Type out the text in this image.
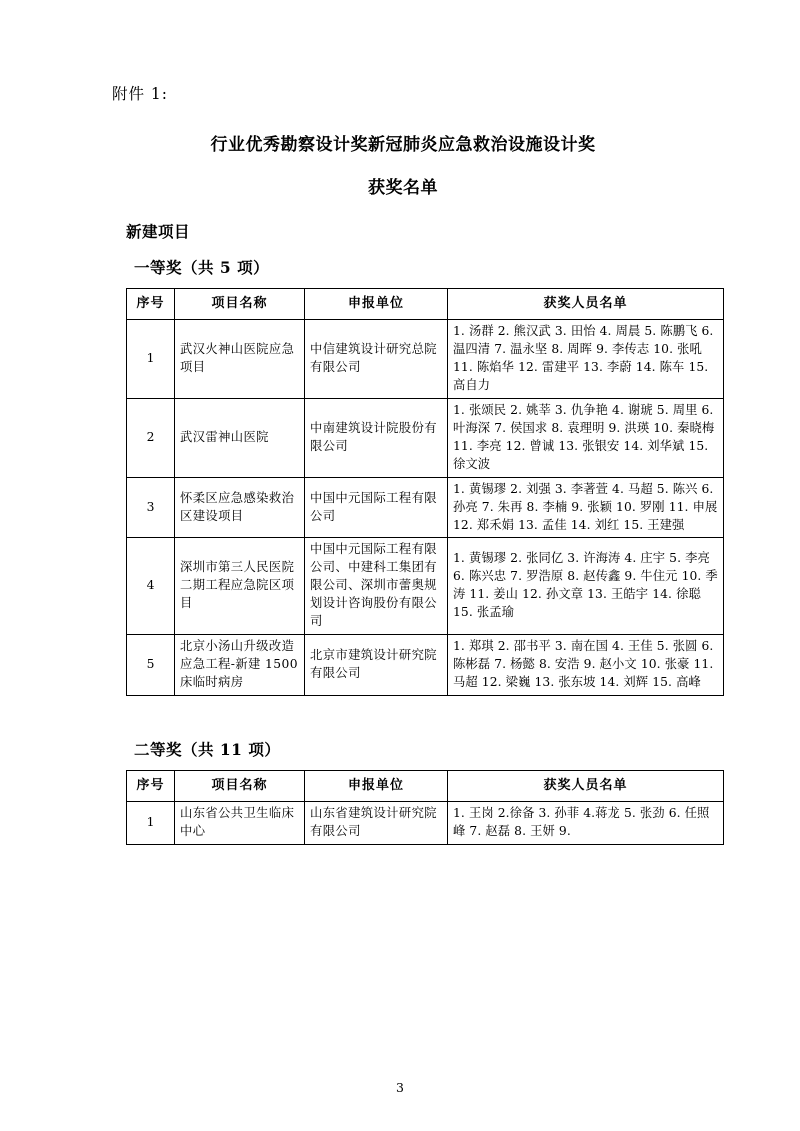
附件 1:
行业优秀勘察设计奖新冠肺炎应急救治设施设计奖
获奖名单
新建项目
一等奖（共 5 项）
序号	项目名称	申报单位	获奖人员名单
1	武汉火神山医院应急项目	中信建筑设计研究总院有限公司	1. 汤群 2. 熊汉武 3. 田怡 4. 周晨 5. 陈鹏飞 6. 温四清 7. 温永坚 8. 周晖 9. 李传志 10. 张吼 11. 陈焰华 12. 雷建平 13. 李蔚 14. 陈车 15. 高自力
2	武汉雷神山医院	中南建筑设计院股份有限公司	1. 张颂民 2. 姚莘 3. 仇争艳 4. 谢琥 5. 周里 6. 叶海深 7. 侯国求 8. 袁理明 9. 洪瑛 10. 秦晓梅 11. 李亮 12. 曾诚 13. 张银安 14. 刘华斌 15. 徐文波
3	怀柔区应急感染救治区建设项目	中国中元国际工程有限公司	1. 黄锡璆 2. 刘强 3. 李著萱 4. 马超 5. 陈兴 6. 孙亮 7. 朱再 8. 李楠 9. 张颖 10. 罗刚 11. 申展 12. 郑禾娟 13. 孟佳 14. 刘红 15. 王建强
4	深圳市第三人民医院二期工程应急院区项目	中国中元国际工程有限公司、中建科工集团有限公司、深圳市蕾奥规划设计咨询股份有限公司	1. 黄锡璆 2. 张同亿 3. 许海涛 4. 庄宇 5. 李亮 6. 陈兴忠 7. 罗浩原 8. 赵传鑫 9. 牛住元 10. 季涛 11. 姜山 12. 孙文章 13. 王皓宇 14. 徐聪 15. 张孟瑜
5	北京小汤山升级改造应急工程-新建 1500 床临时病房	北京市建筑设计研究院有限公司	1. 郑琪 2. 邵书平 3. 南在国 4. 王佳 5. 张圆 6. 陈彬磊 7. 杨懿 8. 安浩 9. 赵小文 10. 张豪 11. 马超 12. 梁巍 13. 张东坡 14. 刘辉 15. 高峰
二等奖（共 11 项）
序号	项目名称	申报单位	获奖人员名单
1	山东省公共卫生临床中心	山东省建筑设计研究院有限公司	1. 王岗 2.徐备 3. 孙菲 4.蒋龙 5. 张劲 6. 任照峰 7. 赵磊 8. 王妍 9.
3
